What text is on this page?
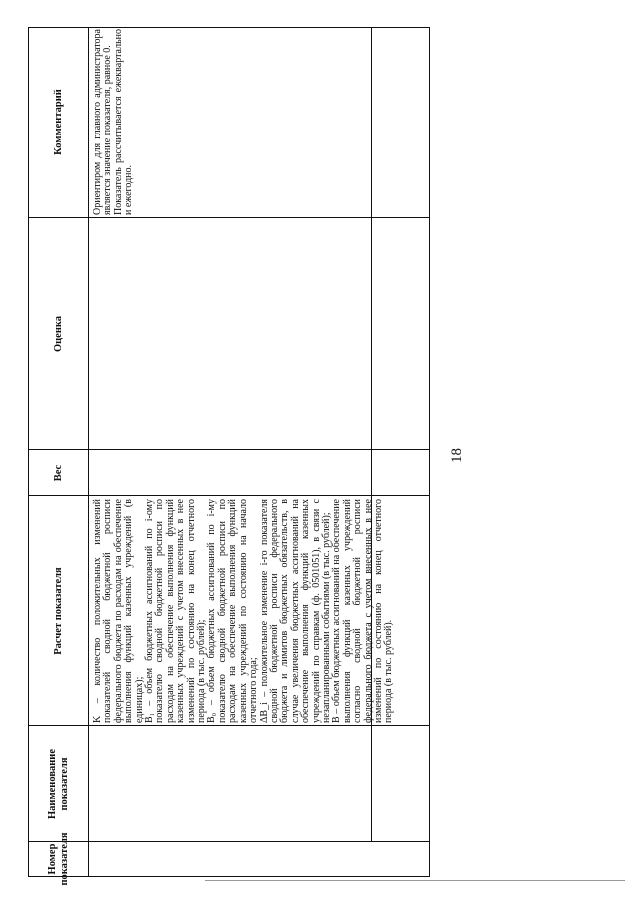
18
Номер показателя
Наименование показателя
Расчет показателя
Вес
Оценка
Комментарий

K – количество положительных изменений показателей сводной бюджетной росписи федерального бюджета по расходам на обеспечение выполнения функций казенных учреждений (в единицах); B₁ – объем бюджетных ассигнований по i-ому показателю сводной бюджетной росписи по расходам на обеспечение выполнения функций казенных учреждений с учетом внесенных в нее изменений по состоянию на конец отчетного периода (в тыс. рублей); B₀ – объем бюджетных ассигнований по i-му показателю сводной бюджетной росписи по расходам на обеспечение выполнения функций казенных учреждений по состоянию на начало отчетного года; ΔB_i – положительное изменение i-го показателя сводной бюджетной росписи федерального бюджета и лимитов бюджетных обязательств, в случае увеличения бюджетных ассигнований на обеспечение выполнения функций казенных учреждений по справкам (ф. 0501051), в связи с незапланированными событиями (в тыс. рублей); B – объем бюджетных ассигнований на обеспечение выполнения функций казенных учреждений согласно сводной бюджетной росписи федерального бюджета с учетом внесенных в нее изменений по состоянию на конец отчетного периода (в тыс. рублей).

Ориентиром для главного администратора является значение показателя, равное 0. Показатель рассчитывается ежеквартально и ежегодно.
